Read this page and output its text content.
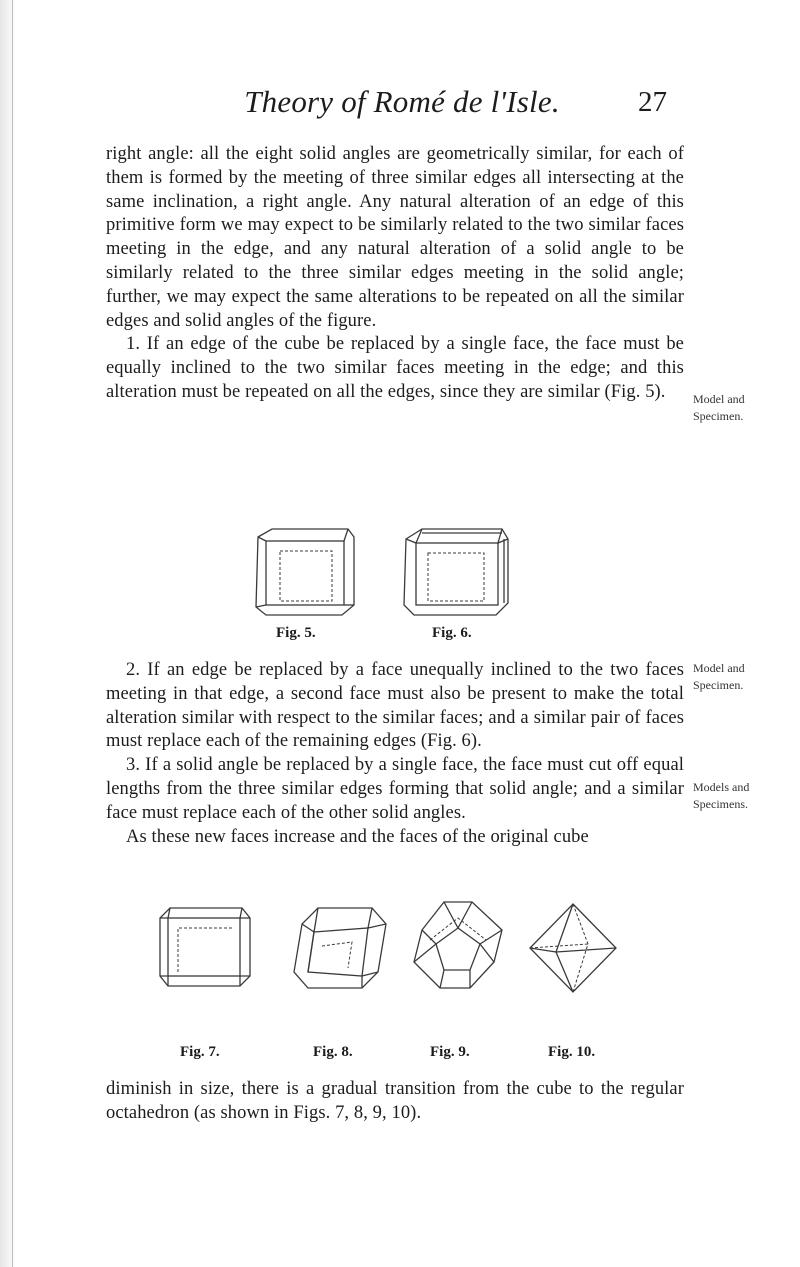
Theory of Romé de l'Isle.	27

right angle: all the eight solid angles are geometrically similar, for each of them is formed by the meeting of three similar edges all intersecting at the same inclination, a right angle. Any natural alteration of an edge of this primitive form we may expect to be similarly related to the two similar faces meeting in the edge, and any natural alteration of a solid angle to be similarly related to the three similar edges meeting in the solid angle; further, we may expect the same alterations to be repeated on all the similar edges and solid angles of the figure.

1. If an edge of the cube be replaced by a single face, the face must be equally inclined to the two similar faces meeting in the edge; and this alteration must be repeated on all the edges, since they are similar (Fig. 5).	Model and Specimen.
Fig. 5.	Fig. 6.

2. If an edge be replaced by a face unequally inclined to the two faces meeting in that edge, a second face must also be present to make the total alteration similar with respect to the similar faces; and a similar pair of faces must replace each of the remaining edges (Fig. 6).

3. If a solid angle be replaced by a single face, the face must cut off equal lengths from the three similar edges forming that solid angle; and a similar face must replace each of the other solid angles.

As these new faces increase and the faces of the original cube

Model and Specimen.
Models and Specimens.
Fig. 7.	Fig. 8.	Fig. 9.	Fig. 10.

diminish in size, there is a gradual transition from the cube to the regular octahedron (as shown in Figs. 7, 8, 9, 10).
